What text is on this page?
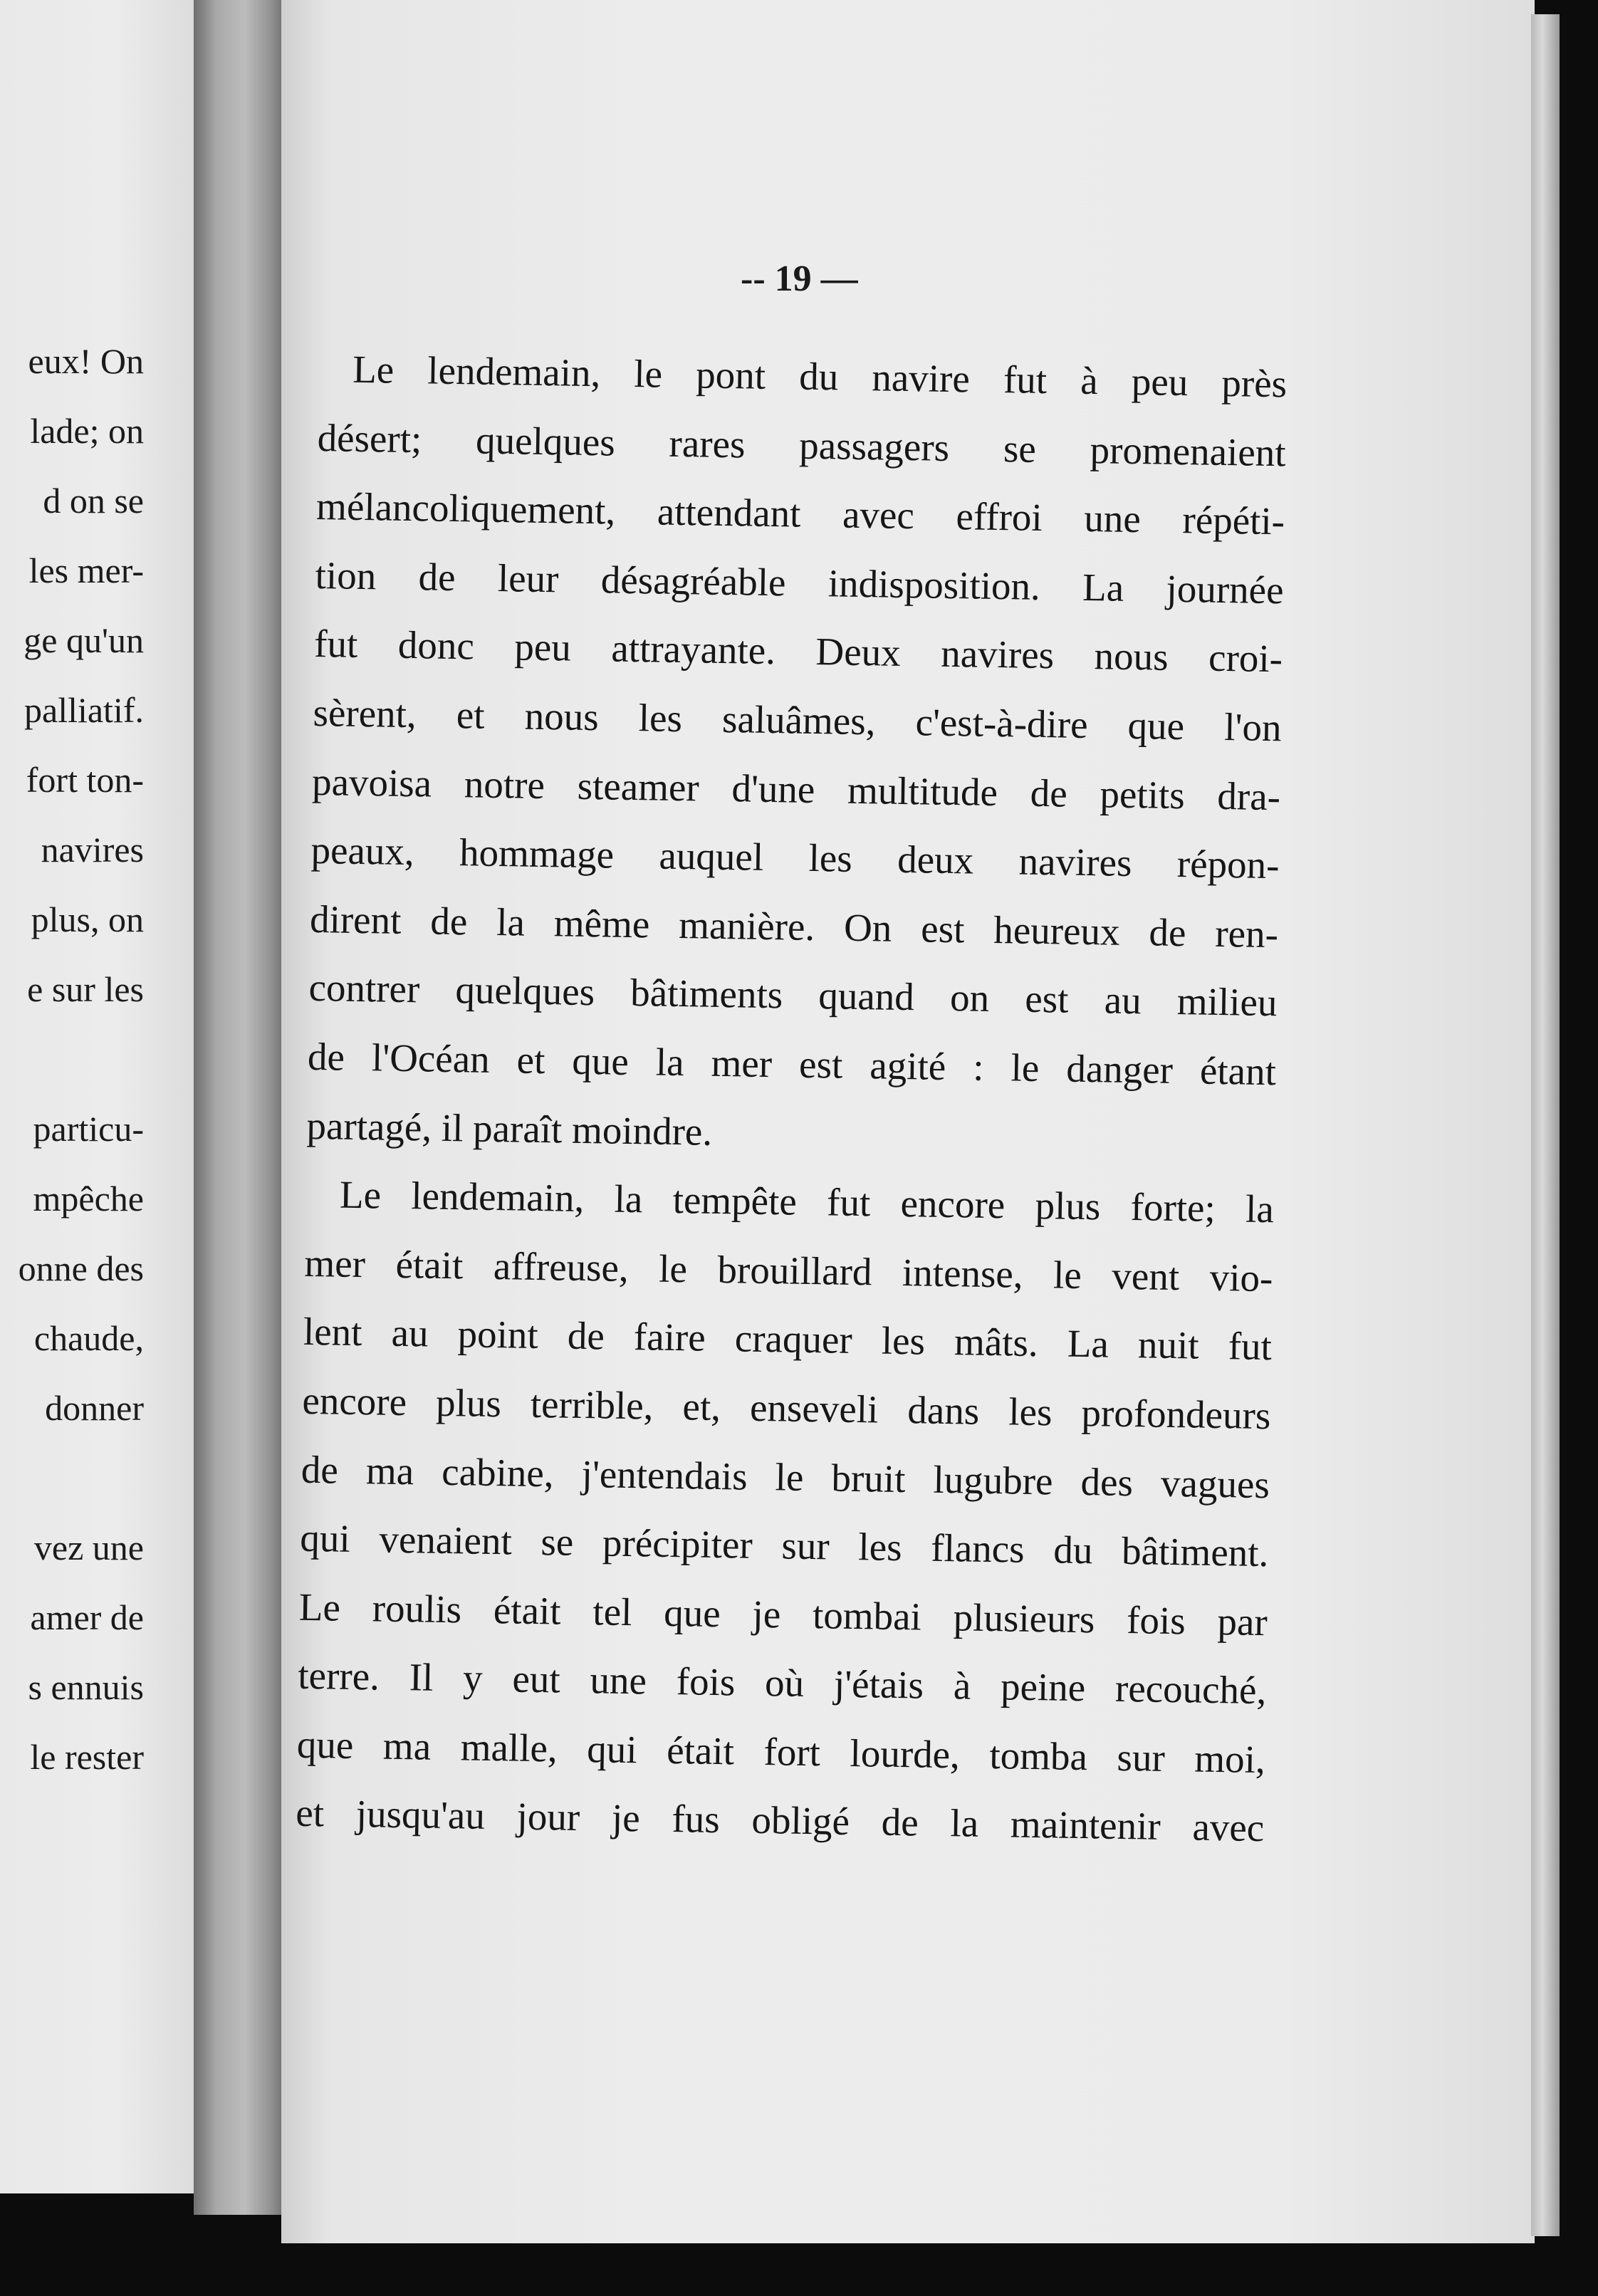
eux! On
lade; on
d on se
les mer-
ge qu'un
palliatif.
fort ton-
navires
plus, on
e sur les
particu-
mpêche
onne des
chaude,
donner
vez une
amer de
s ennuis
le rester
-- 19 —
Le lendemain, le pont du navire fut à peu près
désert; quelques rares passagers se promenaient
mélancoliquement, attendant avec effroi une répéti-
tion de leur désagréable indisposition. La journée
fut donc peu attrayante. Deux navires nous croi-
sèrent, et nous les saluâmes, c'est-à-dire que l'on
pavoisa notre steamer d'une multitude de petits dra-
peaux, hommage auquel les deux navires répon-
dirent de la même manière. On est heureux de ren-
contrer quelques bâtiments quand on est au milieu
de l'Océan et que la mer est agité : le danger étant
partagé, il paraît moindre.
Le lendemain, la tempête fut encore plus forte; la
mer était affreuse, le brouillard intense, le vent vio-
lent au point de faire craquer les mâts. La nuit fut
encore plus terrible, et, enseveli dans les profondeurs
de ma cabine, j'entendais le bruit lugubre des vagues
qui venaient se précipiter sur les flancs du bâtiment.
Le roulis était tel que je tombai plusieurs fois par
terre. Il y eut une fois où j'étais à peine recouché,
que ma malle, qui était fort lourde, tomba sur moi,
et jusqu'au jour je fus obligé de la maintenir avec
